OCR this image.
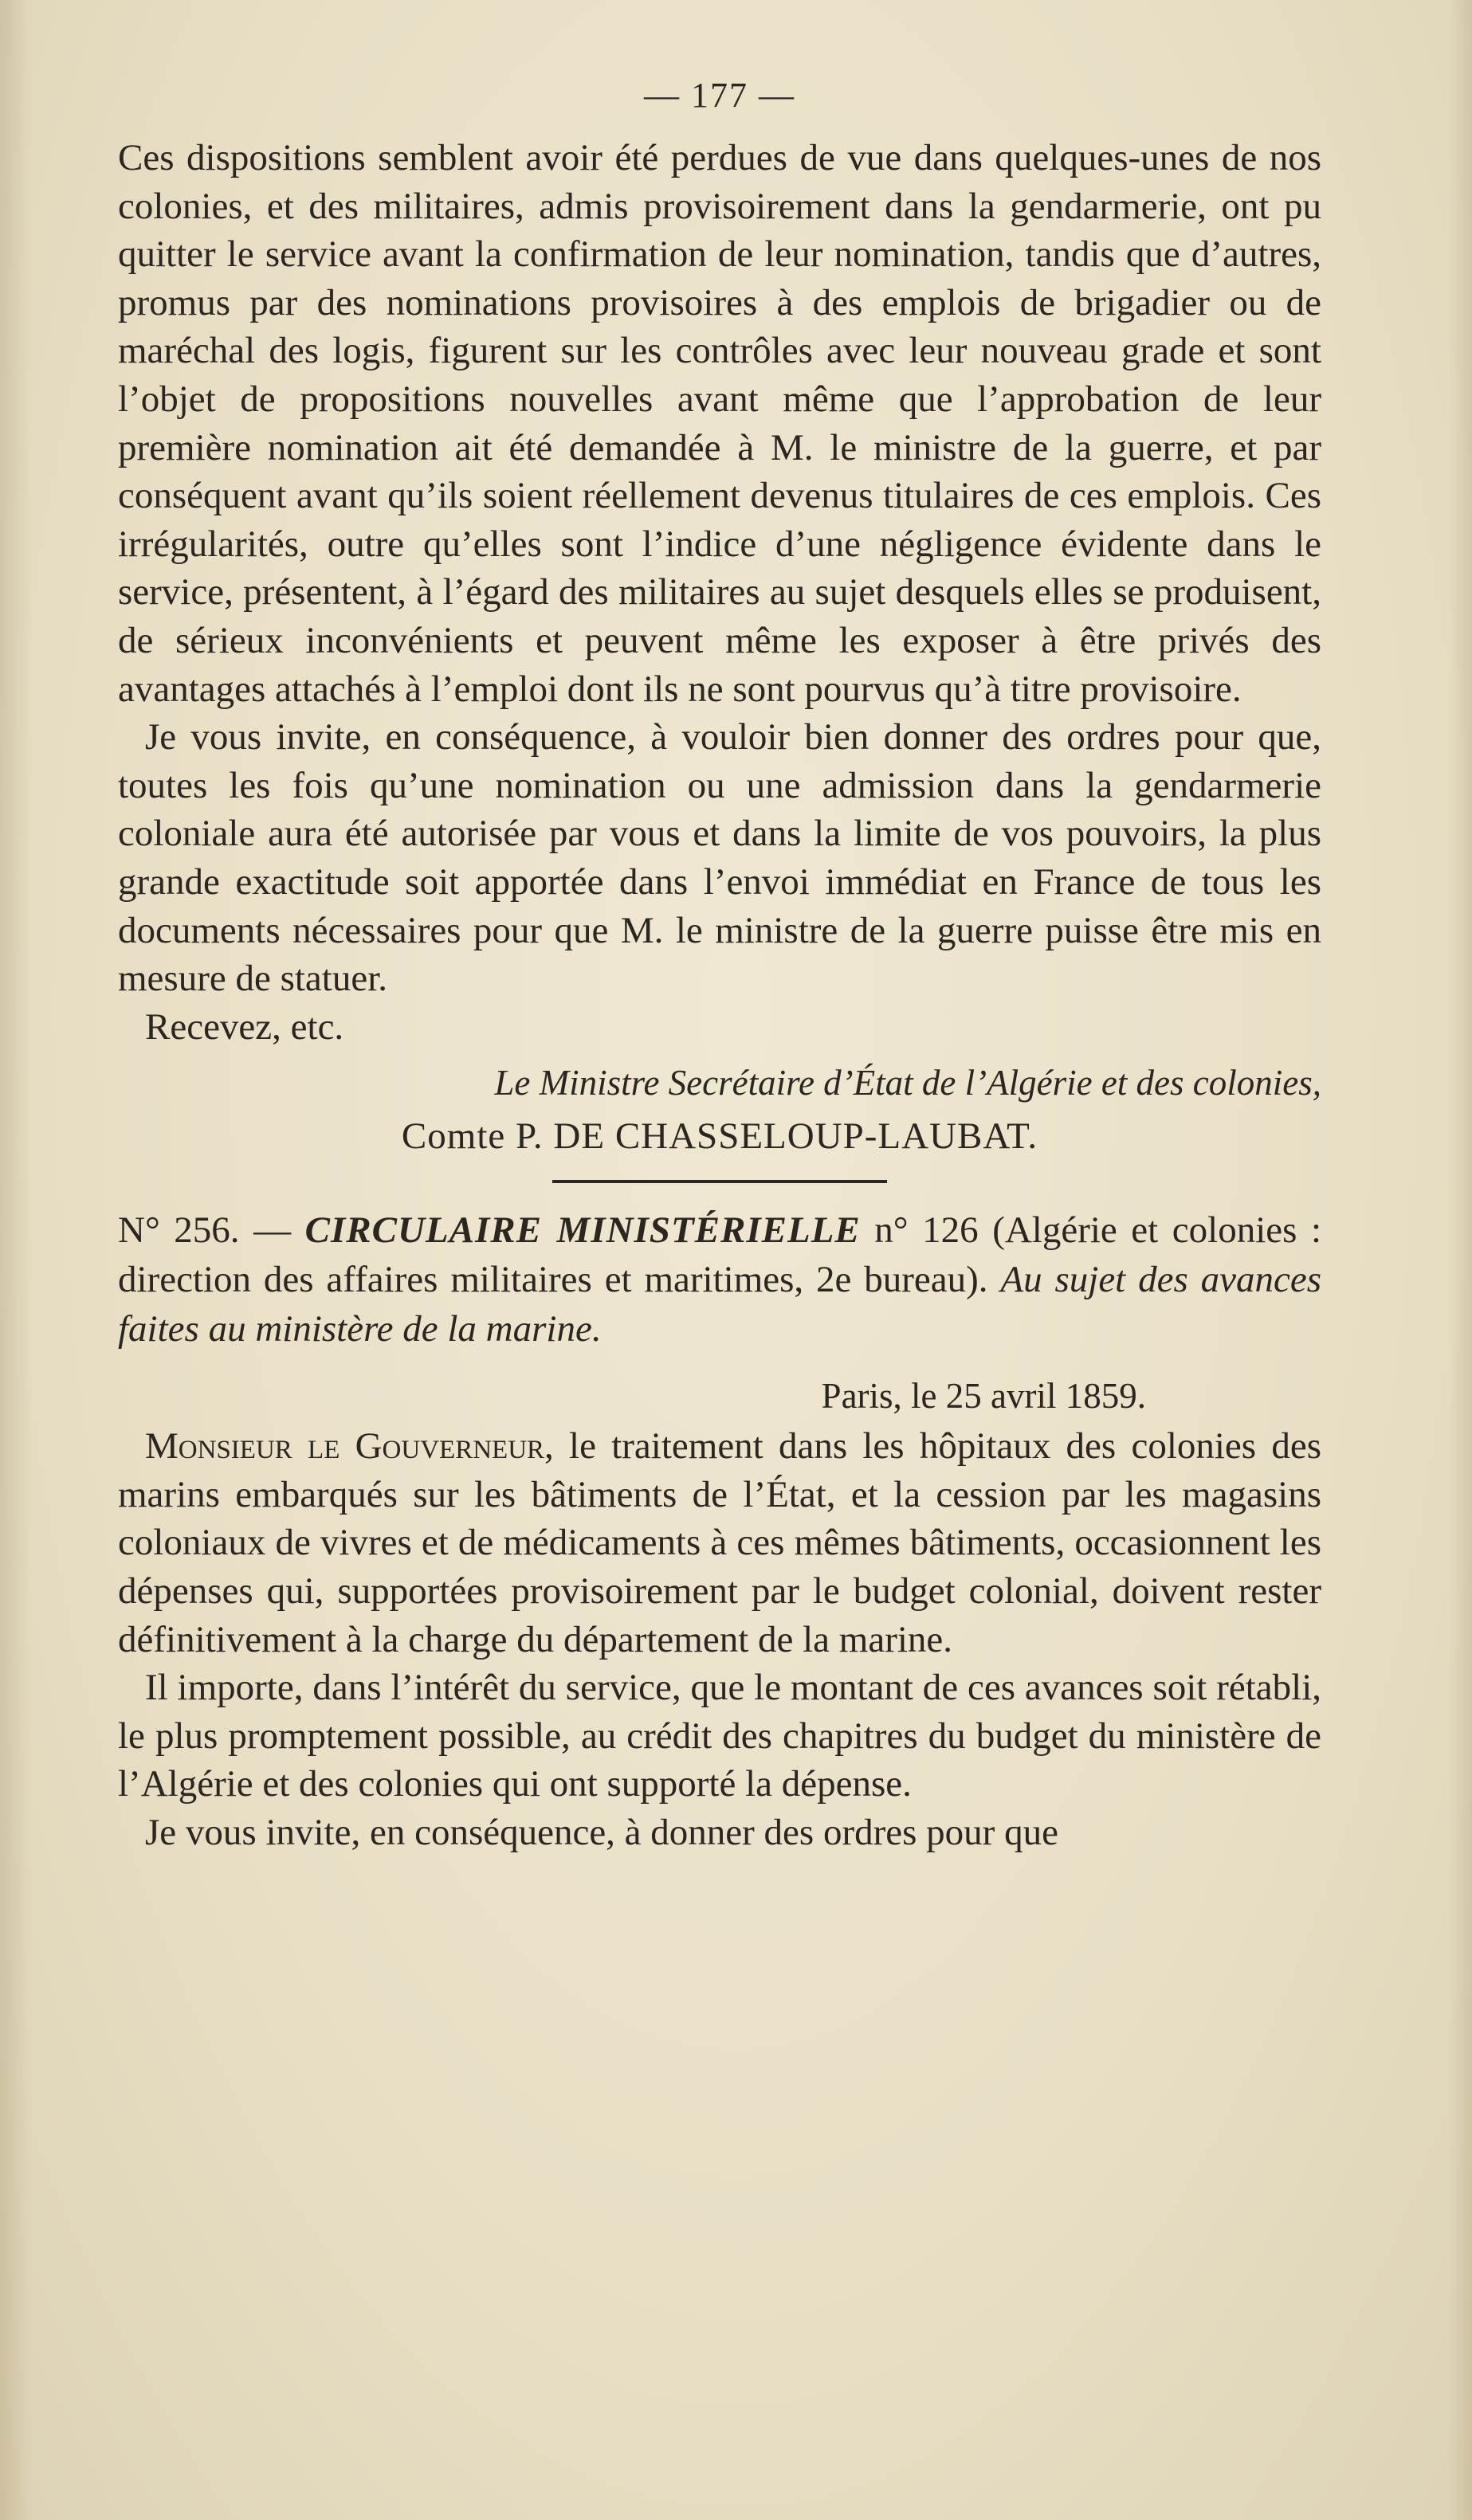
— 177 —

Ces dispositions semblent avoir été perdues de vue dans quelques-unes de nos colonies, et des militaires, admis provisoirement dans la gendarmerie, ont pu quitter le service avant la confirmation de leur nomination, tandis que d’autres, promus par des nominations provisoires à des emplois de brigadier ou de maréchal des logis, figurent sur les contrôles avec leur nouveau grade et sont l’objet de propositions nouvelles avant même que l’approbation de leur première nomination ait été demandée à M. le ministre de la guerre, et par conséquent avant qu’ils soient réellement devenus titulaires de ces emplois. Ces irrégularités, outre qu’elles sont l’indice d’une négligence évidente dans le service, présentent, à l’égard des militaires au sujet desquels elles se produisent, de sérieux inconvénients et peuvent même les exposer à être privés des avantages attachés à l’emploi dont ils ne sont pourvus qu’à titre provisoire.

Je vous invite, en conséquence, à vouloir bien donner des ordres pour que, toutes les fois qu’une nomination ou une admission dans la gendarmerie coloniale aura été autorisée par vous et dans la limite de vos pouvoirs, la plus grande exactitude soit apportée dans l’envoi immédiat en France de tous les documents nécessaires pour que M. le ministre de la guerre puisse être mis en mesure de statuer.

Recevez, etc.

Le Ministre Secrétaire d’État de l’Algérie et des colonies,
Comte P. DE CHASSELOUP-LAUBAT.
N° 256. — CIRCULAIRE MINISTÉRIELLE n° 126 (Algérie et colonies : direction des affaires militaires et maritimes, 2e bureau). Au sujet des avances faites au ministère de la marine.
Paris, le 25 avril 1859.

Monsieur le Gouverneur, le traitement dans les hôpitaux des colonies des marins embarqués sur les bâtiments de l’État, et la cession par les magasins coloniaux de vivres et de médicaments à ces mêmes bâtiments, occasionnent les dépenses qui, supportées provisoirement par le budget colonial, doivent rester définitivement à la charge du département de la marine.

Il importe, dans l’intérêt du service, que le montant de ces avances soit rétabli, le plus promptement possible, au crédit des chapitres du budget du ministère de l’Algérie et des colonies qui ont supporté la dépense.

Je vous invite, en conséquence, à donner des ordres pour que
